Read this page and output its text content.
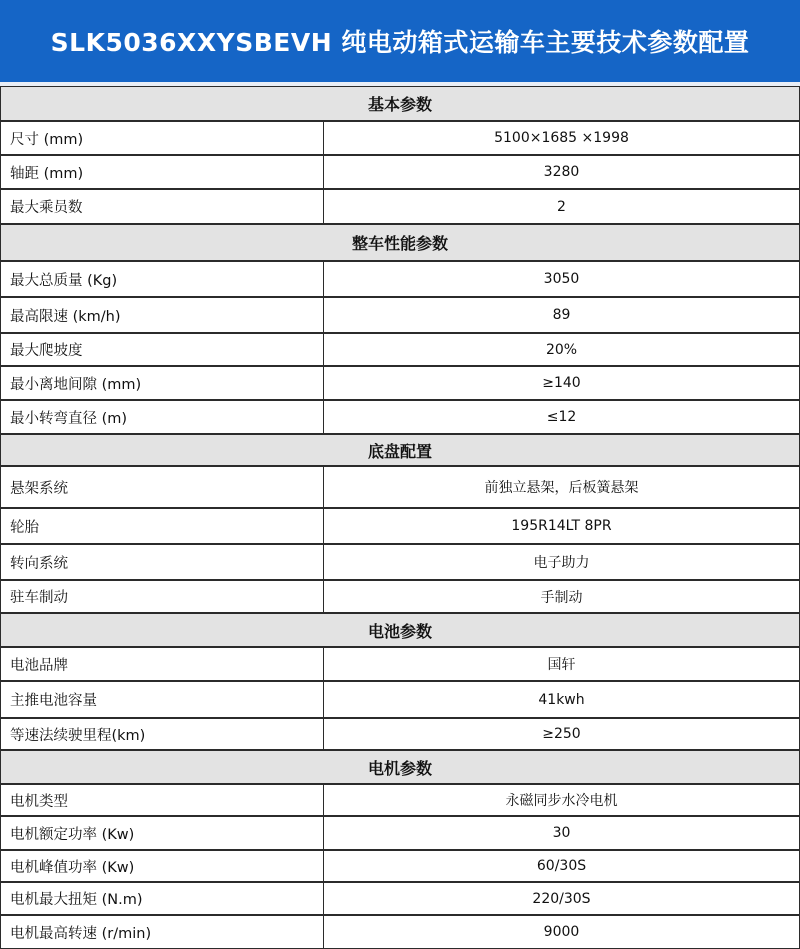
SLK5036XXYSBEVH 纯电动箱式运输车主要技术参数配置
基本参数
尺寸 (mm)	5100×1685 ×1998
轴距 (mm)	3280
最大乘员数	2
整车性能参数
最大总质量 (Kg)	3050
最高限速 (km/h)	89
最大爬坡度	20%
最小离地间隙 (mm)	≥140
最小转弯直径 (m)	≤12
底盘配置
悬架系统	前独立悬架，后板簧悬架
轮胎	195R14LT 8PR
转向系统	电子助力
驻车制动	手制动
电池参数
电池品牌	国轩
主推电池容量	41kwh
等速法续驶里程(km)	≥250
电机参数
电机类型	永磁同步水冷电机
电机额定功率 (Kw)	30
电机峰值功率 (Kw)	60/30S
电机最大扭矩 (N.m)	220/30S
电机最高转速 (r/min)	9000
